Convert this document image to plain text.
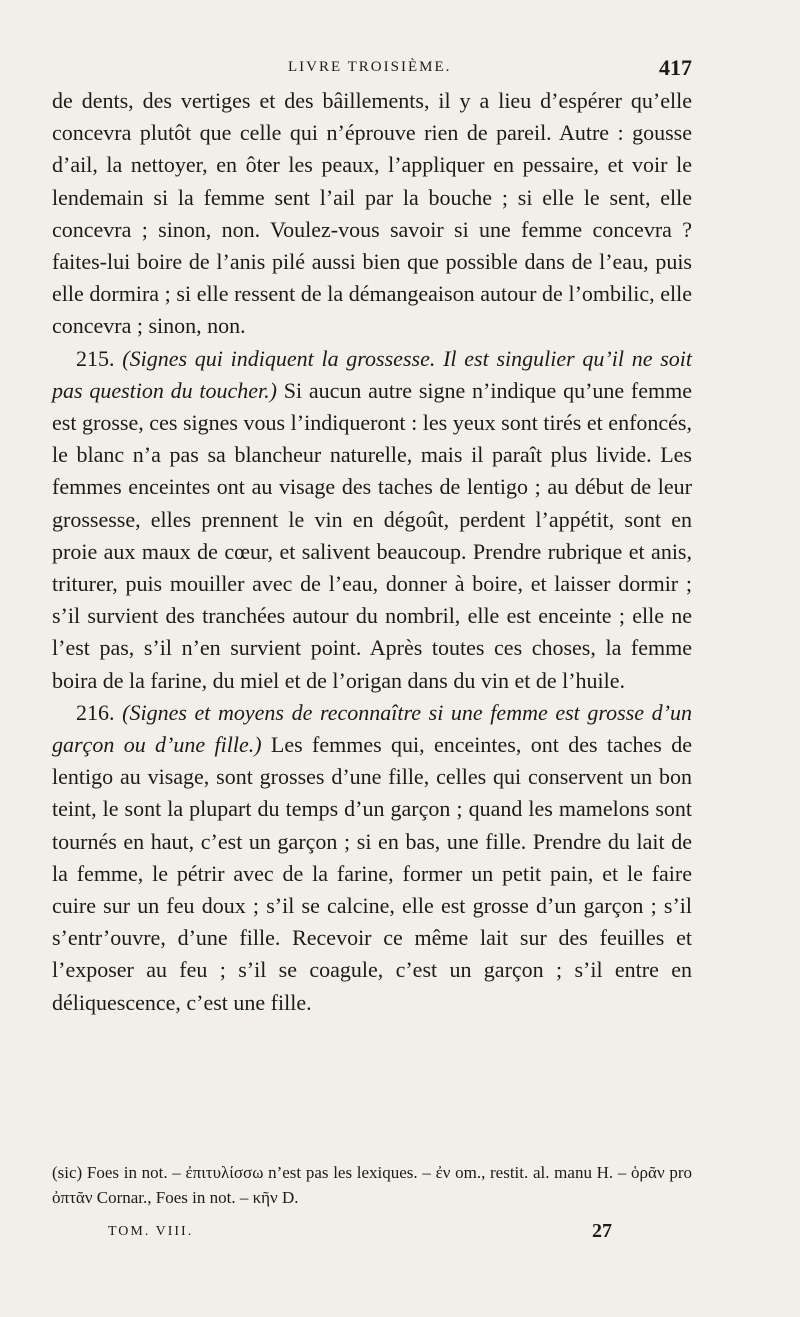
LIVRE TROISIÈME.	417

de dents, des vertiges et des bâillements, il y a lieu d’espérer qu’elle concevra plutôt que celle qui n’éprouve rien de pareil. Autre : gousse d’ail, la nettoyer, en ôter les peaux, l’appliquer en pessaire, et voir le lendemain si la femme sent l’ail par la bouche ; si elle le sent, elle concevra ; sinon, non. Voulez-vous savoir si une femme concevra ? faites-lui boire de l’anis pilé aussi bien que possible dans de l’eau, puis elle dormira ; si elle ressent de la démangeaison autour de l’ombilic, elle concevra ; sinon, non.

215. (Signes qui indiquent la grossesse. Il est singulier qu’il ne soit pas question du toucher.) Si aucun autre signe n’indique qu’une femme est grosse, ces signes vous l’indiqueront : les yeux sont tirés et enfoncés, le blanc n’a pas sa blancheur naturelle, mais il paraît plus livide. Les femmes enceintes ont au visage des taches de lentigo ; au début de leur grossesse, elles prennent le vin en dégoût, perdent l’appétit, sont en proie aux maux de cœur, et salivent beaucoup. Prendre rubrique et anis, triturer, puis mouiller avec de l’eau, donner à boire, et laisser dormir ; s’il survient des tranchées autour du nombril, elle est enceinte ; elle ne l’est pas, s’il n’en survient point. Après toutes ces choses, la femme boira de la farine, du miel et de l’origan dans du vin et de l’huile.

216. (Signes et moyens de reconnaître si une femme est grosse d’un garçon ou d’une fille.) Les femmes qui, enceintes, ont des taches de lentigo au visage, sont grosses d’une fille, celles qui conservent un bon teint, le sont la plupart du temps d’un garçon ; quand les mamelons sont tournés en haut, c’est un garçon ; si en bas, une fille. Prendre du lait de la femme, le pétrir avec de la farine, former un petit pain, et le faire cuire sur un feu doux ; s’il se calcine, elle est grosse d’un garçon ; s’il s’entr’ouvre, d’une fille. Recevoir ce même lait sur des feuilles et l’exposer au feu ; s’il se coagule, c’est un garçon ; s’il entre en déliquescence, c’est une fille.

(sic) Foes in not. – ἐπιτυλίσσω n’est pas les lexiques. – ἐν om., restit. al. manu H. – ὁρᾶν pro ὀπτᾶν Cornar., Foes in not. – κῆν D.
TOM. VIII.	27
